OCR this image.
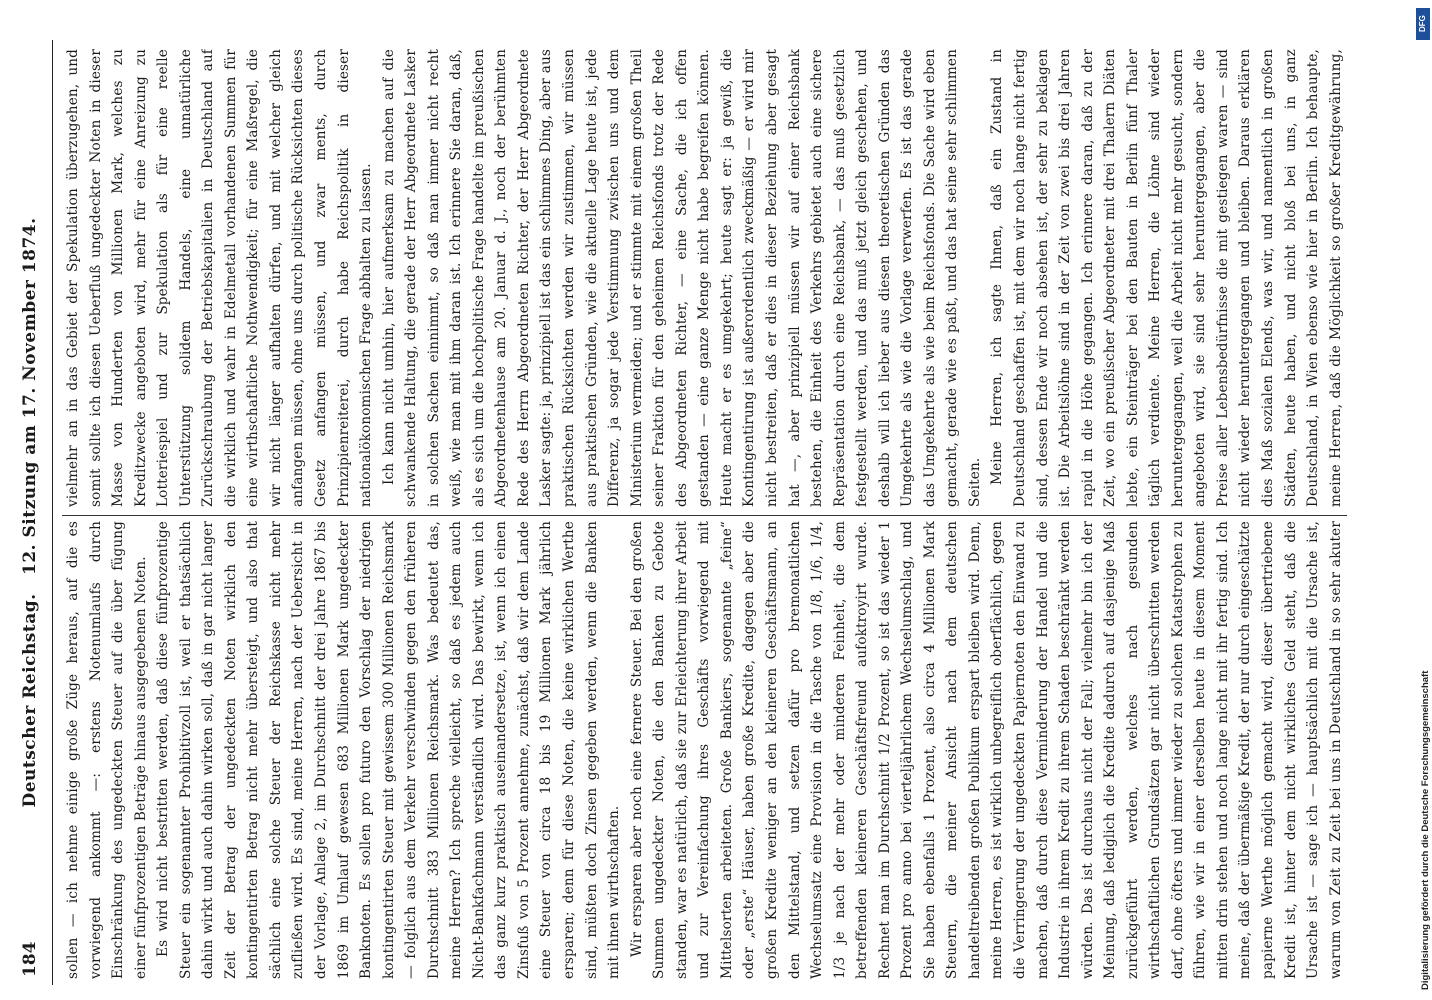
184
Deutscher Reichstag. 12. Sitzung am 17. November 1874.

sollen — ich nehme einige große Züge heraus, auf die es vorwiegend ankommt —: erstens Notenumlaufs durch Einschränkung des ungedeckten Steuer auf die über fügung einer fünfprozentigen Beträge hinaus ausgegebenen Noten. Es wird nicht bestritten werden, daß diese fünfprozentige Steuer ein sogenannter Prohibitivzoll ist, weil er thatsächlich dahin wirkt und auch dahin wirken soll, daß in gar nicht langer Zeit der Betrag der ungedeckten Noten wirklich den kontingentirten Betrag nicht mehr übersteigt, und also that sächlich eine solche Steuer der Reichskasse nicht mehr zufließen wird. Es sind, meine Herren, nach der Uebersicht in der Vorlage, Anlage 2, im Durchschnitt der drei Jahre 1867 bis 1869 im Umlauf gewesen 683 Millionen Mark ungedeckter Banknoten. Es sollen pro futuro den Vorschlag der niedrigen kontingentirten Steuer mit gewissem 300 Millionen Reichsmark — folglich aus dem Verkehr verschwinden gegen den früheren Durchschnitt 383 Millionen Reichsmark. Was bedeutet das, meine Herren? Ich spreche vielleicht, so daß es jedem auch Nicht-Bankfachmann verständlich wird. Das bewirkt, wenn ich das ganz kurz praktisch auseinandersetze, ist, wenn ich einen Zinsfuß von 5 Prozent annehme, zunächst, daß wir dem Lande eine Steuer von circa 18 bis 19 Millionen Mark jährlich ersparen; denn für diese Noten, die keine wirklichen Werthe sind, müßten doch Zinsen gegeben werden, wenn die Banken mit ihnen wirthschaften. Wir ersparen aber noch eine fernere Steuer. Bei den großen Summen ungedeckter Noten, die den Banken zu Gebote standen, war es natürlich, daß sie zur Erleichterung ihrer Arbeit und zur Vereinfachung ihres Geschäfts vorwiegend mit Mittelsorten arbeiteten. Große Bankiers, sogenannte „feine“ oder „erste“ Häuser, haben große Kredite, dagegen aber die großen Kredite weniger an den kleineren Geschäftsmann, an den Mittelstand, und setzen dafür pro bremonatlichen Wechselumsatz eine Provision in die Tasche von 1/8, 1/6, 1/4, 1/3 je nach der mehr oder minderen Feinheit, die dem betreffenden kleineren Geschäftsfreund aufoktroyirt wurde. Rechnet man im Durchschnitt 1/2 Prozent, so ist das wieder 1 Prozent pro anno bei vierteljährlichem Wechselumschlag, und Sie haben ebenfalls 1 Prozent, also circa 4 Millionen Mark Steuern, die meiner Ansicht nach dem deutschen handeltreibenden großen Publikum erspart bleiben wird. Denn, meine Herren, es ist wirklich unbegreiflich oberflächlich, gegen die Verringerung der ungedeckten Papiernoten den Einwand zu machen, daß durch diese Verminderung der Handel und die Industrie in ihrem Kredit zu ihrem Schaden beschränkt werden würden. Das ist durchaus nicht der Fall; vielmehr bin ich der Meinung, daß lediglich die Kredite dadurch auf dasjenige Maß zurückgeführt werden, welches nach gesunden wirthschaftlichen Grundsätzen gar nicht überschritten werden darf, ohne öfters und immer wieder zu solchen Katastrophen zu führen, wie wir in einer derselben heute in diesem Moment mitten drin stehen und noch lange nicht mit ihr fertig sind. Ich meine, daß der übermäßige Kredit, der nur durch eingeschätzte papierne Werthe möglich gemacht wird, dieser übertriebene Kredit ist, hinter dem nicht wirkliches Geld steht, daß die Ursache ist — sage ich — hauptsächlich mit die Ursache ist, warum von Zeit zu Zeit bei uns in Deutschland in so sehr akuter

vielmehr an in das Gebiet der Spekulation überzugehen, und somit sollte ich diesen Ueberfluß ungedeckter Noten in dieser Masse von Hunderten von Millionen Mark, welches zu Kreditzwecke angeboten wird, mehr für eine Anreizung zu Lotteriespiel und zur Spekulation als für eine reelle Unterstützung solidem Handels, eine unnatürliche Zurückschraubung der Betriebskapitalien in Deutschland auf die wirklich und wahr in Edelmetall vorhandenen Summen für eine wirthschaftliche Nothwendigkeit; für eine Maßregel, die wir nicht länger aufhalten dürfen, und mit welcher gleich anfangen müssen, ohne uns durch politische Rücksichten dieses Gesetz anfangen müssen, und zwar ments, durch Prinzipienreiterei, durch habe Reichspolitik in dieser nationalökonomischen Frage abhalten zu lassen. Ich kann nicht umhin, hier aufmerksam zu machen auf die schwankende Haltung, die gerade der Herr Abgeordnete Lasker in solchen Sachen einnimmt, so daß man immer nicht recht weiß, wie man mit ihm daran ist. Ich erinnere Sie daran, daß, als es sich um die hochpolitische Frage handelte im preußischen Abgeordnetenhause am 20. Januar d. J., noch der berühmten Rede des Herrn Abgeordneten Richter, der Herr Abgeordnete Lasker sagte: ja, prinzipiell ist das ein schlimmes Ding, aber aus praktischen Rücksichten werden wir zustimmen, wir müssen aus praktischen Gründen, wie die aktuelle Lage heute ist, jede Differenz, ja sogar jede Verstimmung zwischen uns und dem Ministerium vermeiden; und er stimmte mit einem großen Theil seiner Fraktion für den geheimen Reichsfonds trotz der Rede des Abgeordneten Richter, — eine Sache, die ich offen gestanden — eine ganze Menge nicht habe begreifen können. Heute macht er es umgekehrt; heute sagt er: ja gewiß, die Kontingentirung ist außerordentlich zweckmäßig — er wird mir nicht bestreiten, daß er dies in dieser Beziehung aber gesagt hat —, aber prinzipiell müssen wir auf einer Reichsbank bestehen, die Einheit des Verkehrs gebietet auch eine sichere Repräsentation durch eine Reichsbank, — das muß gesetzlich festgestellt werden, und das muß jetzt gleich geschehen, und deshalb will ich lieber aus diesen theoretischen Gründen das Umgekehrte als wie die Vorlage verwerfen. Es ist das gerade das Umgekehrte als wie beim Reichsfonds. Die Sache wird eben gemacht, gerade wie es paßt, und das hat seine sehr schlimmen Seiten. Meine Herren, ich sagte Ihnen, daß ein Zustand in Deutschland geschaffen ist, mit dem wir noch lange nicht fertig sind, dessen Ende wir noch absehen ist, der sehr zu beklagen ist. Die Arbeitslöhne sind in der Zeit von zwei bis drei Jahren rapid in die Höhe gegangen. Ich erinnere daran, daß zu der Zeit, wo ein preußischer Abgeordneter mit drei Thalern Diäten lebte, ein Steinträger bei den Bauten in Berlin fünf Thaler täglich verdiente. Meine Herren, die Löhne sind wieder heruntergegangen, weil die Arbeit nicht mehr gesucht, sondern angeboten wird, sie sind sehr heruntergegangen, aber die Preise aller Lebensbedürfnisse die mit gestiegen waren — sind nicht wieder heruntergegangen und bleiben. Daraus erklären dies Maß sozialen Elends, was wir, und namentlich in großen Städten, heute haben, und nicht bloß bei uns, in ganz Deutschland, in Wien ebenso wie hier in Berlin. Ich behaupte, meine Herren, daß die Möglichkeit so großer Kreditgewährung,

DFG
Digitalisierung gefördert durch die Deutsche Forschungsgemeinschaft
